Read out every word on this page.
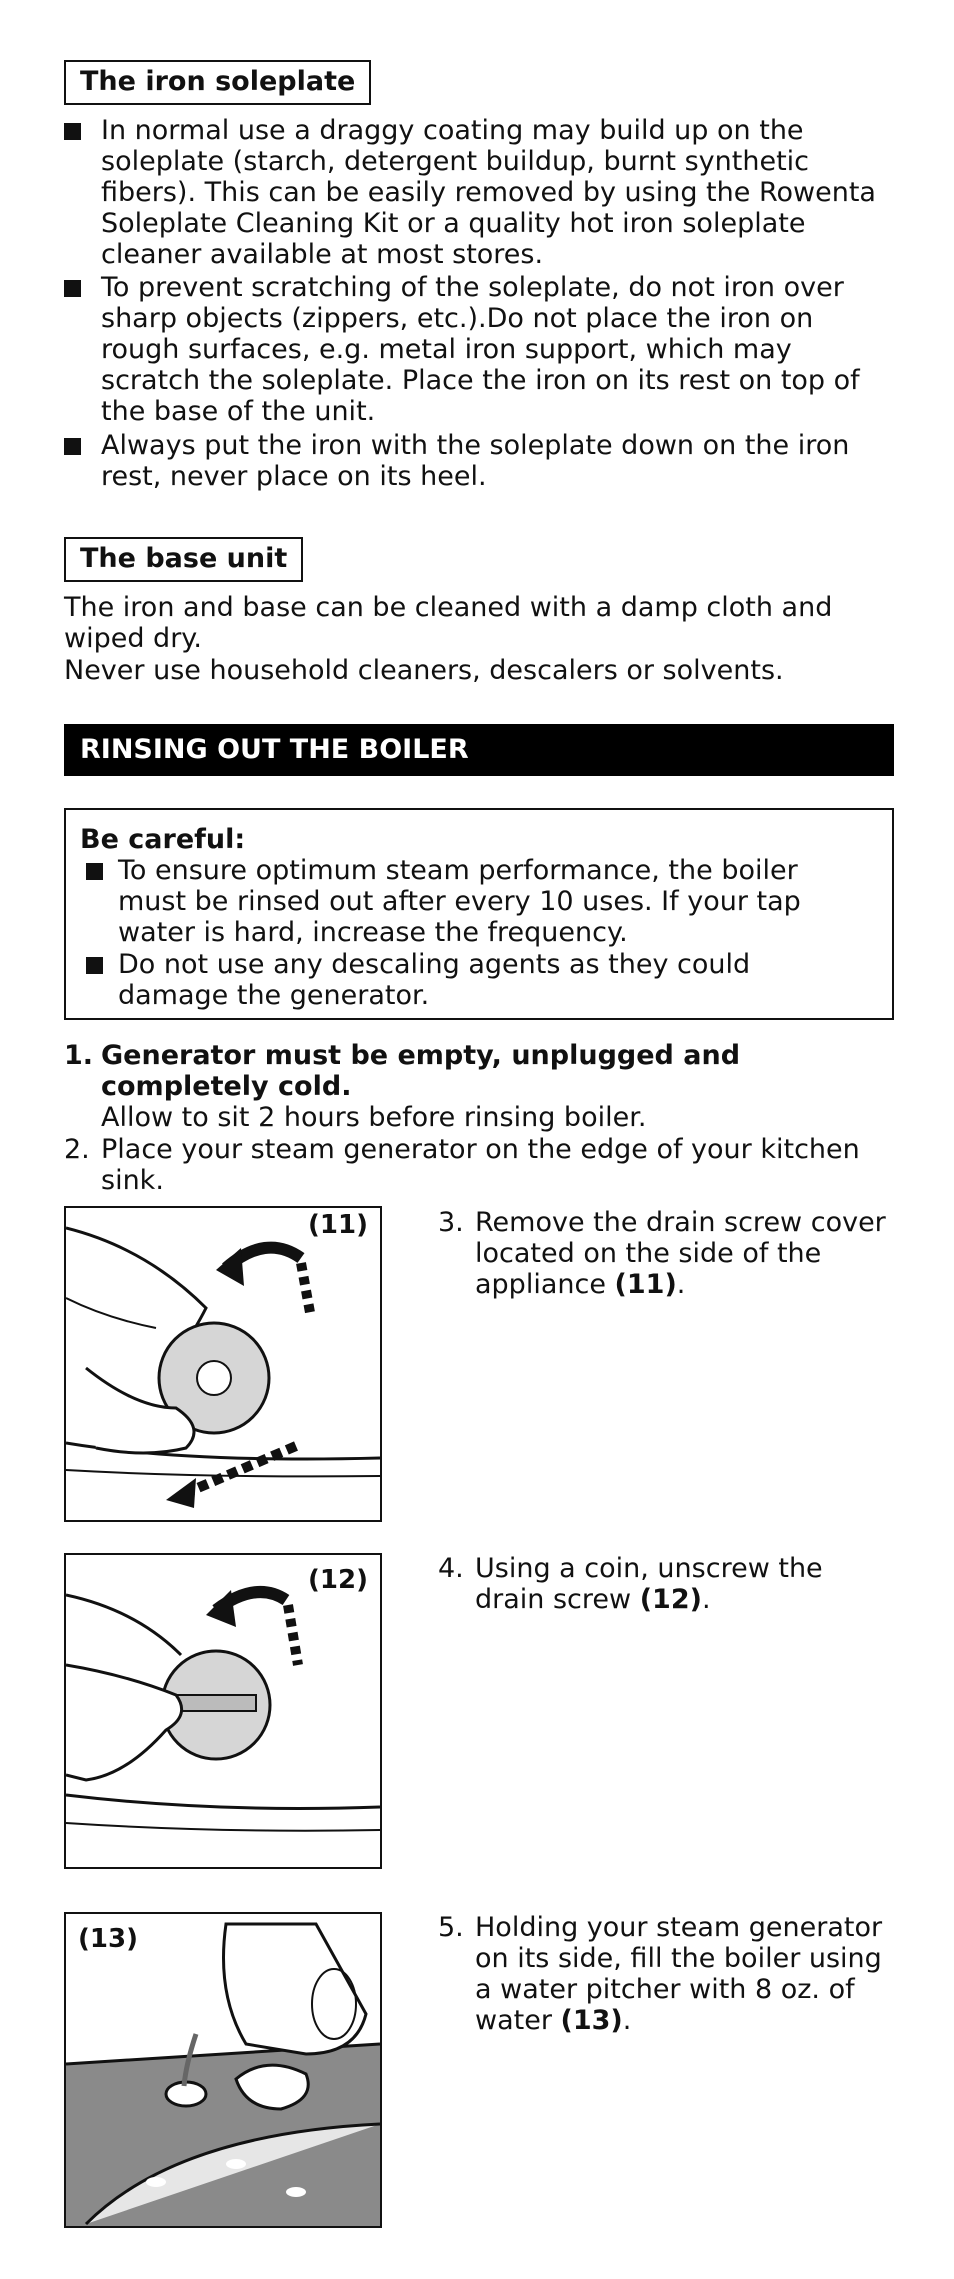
The iron soleplate
In normal use a draggy coating may build up on the soleplate (starch, detergent buildup, burnt synthetic fibers). This can be easily removed by using the Rowenta Soleplate Cleaning Kit or a quality hot iron soleplate cleaner available at most stores.
To prevent scratching of the soleplate, do not iron over sharp objects (zippers, etc.).Do not place the iron on rough surfaces, e.g. metal iron support, which may scratch the soleplate. Place the iron on its rest on top of the base of the unit.
Always put the iron with the soleplate down on the iron rest, never place on its heel.
The base unit
The iron and base can be cleaned with a damp cloth and wiped dry.
Never use household cleaners, descalers or solvents.
RINSING OUT THE BOILER
Be careful:
To ensure optimum steam performance, the boiler must be rinsed out after every 10 uses. If your tap water is hard, increase the frequency.
Do not use any descaling agents as they could damage the generator.
1. Generator must be empty, unplugged and completely cold.
Allow to sit 2 hours before rinsing boiler.
2. Place your steam generator on the edge of your kitchen sink.
(11)	3. Remove the drain screw cover located on the side of the appliance (11).
(12)	4. Using a coin, unscrew the drain screw (12).
(13)	5. Holding your steam generator on its side, fill the boiler using a water pitcher with 8 oz. of water (13).
